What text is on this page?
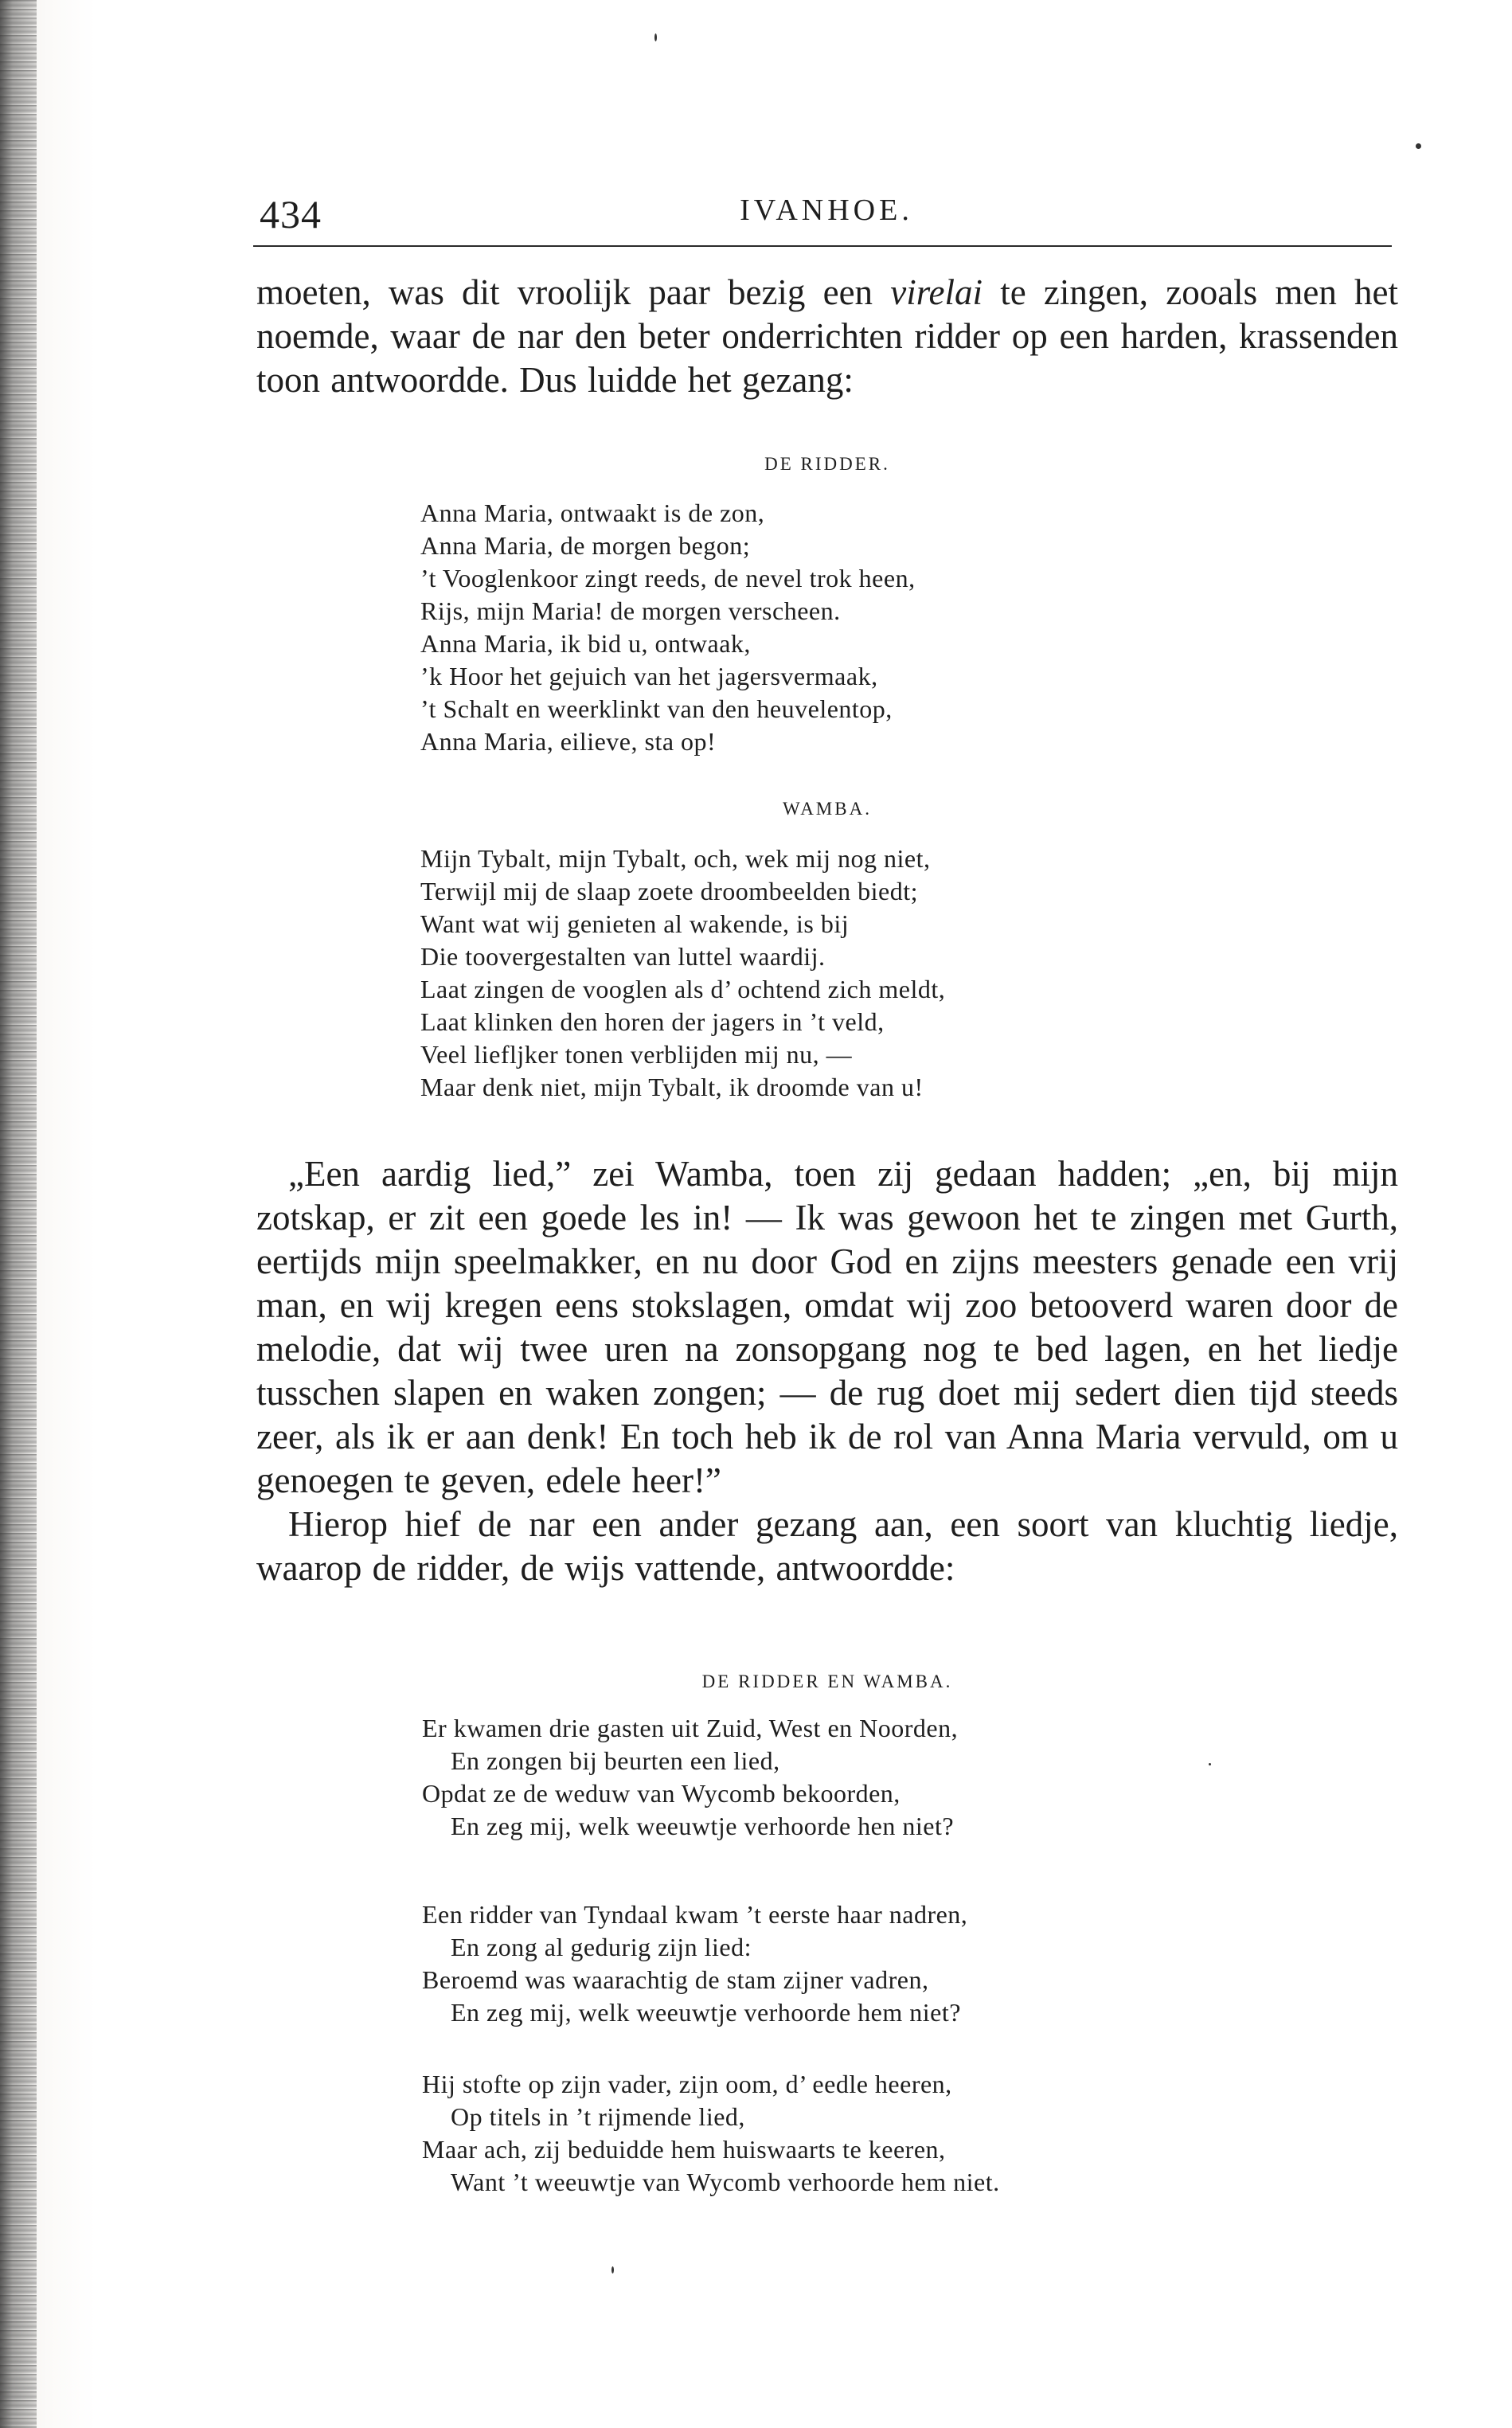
434	IVANHOE.

moeten, was dit vroolijk paar bezig een virelai te zingen, zooals men het noemde, waar de nar den beter onderrichten ridder op een harden, krassenden toon antwoordde. Dus luidde het gezang:

DE RIDDER.
Anna Maria, ontwaakt is de zon,
Anna Maria, de morgen begon;
’t Vooglenkoor zingt reeds, de nevel trok heen,
Rijs, mijn Maria! de morgen verscheen.
Anna Maria, ik bid u, ontwaak,
’k Hoor het gejuich van het jagersvermaak,
’t Schalt en weerklinkt van den heuvelentop,
Anna Maria, eilieve, sta op!
WAMBA.
Mijn Tybalt, mijn Tybalt, och, wek mij nog niet,
Terwijl mij de slaap zoete droombeelden biedt;
Want wat wij genieten al wakende, is bij
Die toovergestalten van luttel waardij.
Laat zingen de vooglen als d’ ochtend zich meldt,
Laat klinken den horen der jagers in ’t veld,
Veel liefljker tonen verblijden mij nu, —
Maar denk niet, mijn Tybalt, ik droomde van u!

„Een aardig lied,” zei Wamba, toen zij gedaan hadden; „en, bij mijn zotskap, er zit een goede les in! — Ik was gewoon het te zingen met Gurth, eertijds mijn speelmakker, en nu door God en zijns meesters genade een vrij man, en wij kregen eens stokslagen, omdat wij zoo betooverd waren door de melodie, dat wij twee uren na zonsopgang nog te bed lagen, en het liedje tusschen slapen en waken zongen; — de rug doet mij sedert dien tijd steeds zeer, als ik er aan denk! En toch heb ik de rol van Anna Maria vervuld, om u genoegen te geven, edele heer!”

Hierop hief de nar een ander gezang aan, een soort van kluchtig liedje, waarop de ridder, de wijs vattende, antwoordde:

DE RIDDER EN WAMBA.
Er kwamen drie gasten uit Zuid, West en Noorden,
En zongen bij beurten een lied,
Opdat ze de weduw van Wycomb bekoorden,
En zeg mij, welk weeuwtje verhoorde hen niet?
Een ridder van Tyndaal kwam ’t eerste haar nadren,
En zong al gedurig zijn lied:
Beroemd was waarachtig de stam zijner vadren,
En zeg mij, welk weeuwtje verhoorde hem niet?
Hij stofte op zijn vader, zijn oom, d’ eedle heeren,
Op titels in ’t rijmende lied,
Maar ach, zij beduidde hem huiswaarts te keeren,
Want ’t weeuwtje van Wycomb verhoorde hem niet.
